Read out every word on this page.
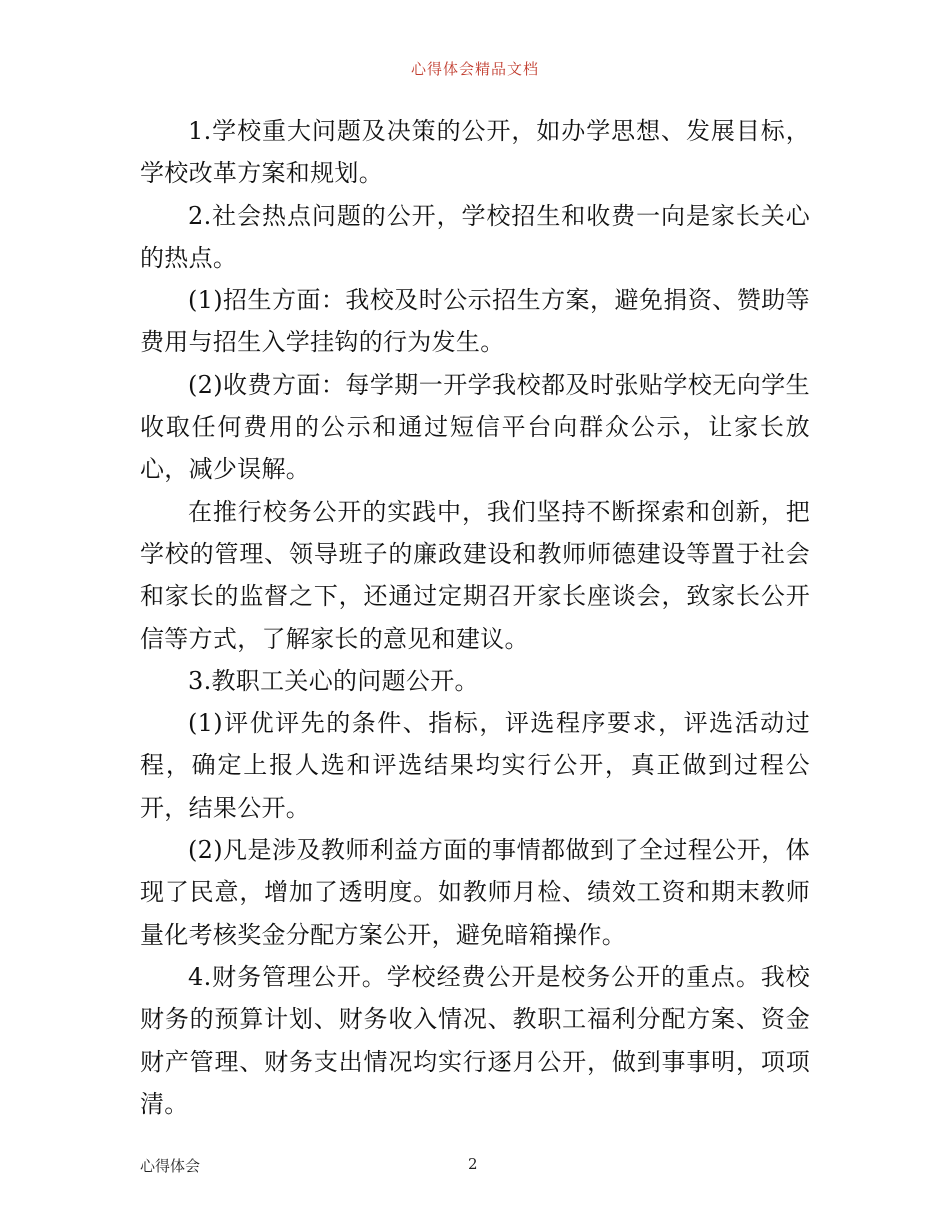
心得体会精品文档

1.学校重大问题及决策的公开，如办学思想、发展目标，学校改革方案和规划。

2.社会热点问题的公开，学校招生和收费一向是家长关心的热点。

(1)招生方面：我校及时公示招生方案，避免捐资、赞助等费用与招生入学挂钩的行为发生。

(2)收费方面：每学期一开学我校都及时张贴学校无向学生收取任何费用的公示和通过短信平台向群众公示，让家长放心，减少误解。

在推行校务公开的实践中，我们坚持不断探索和创新，把学校的管理、领导班子的廉政建设和教师师德建设等置于社会和家长的监督之下，还通过定期召开家长座谈会，致家长公开信等方式，了解家长的意见和建议。

3.教职工关心的问题公开。

(1)评优评先的条件、指标，评选程序要求，评选活动过程，确定上报人选和评选结果均实行公开，真正做到过程公开，结果公开。

(2)凡是涉及教师利益方面的事情都做到了全过程公开，体现了民意，增加了透明度。如教师月检、绩效工资和期末教师量化考核奖金分配方案公开，避免暗箱操作。

4.财务管理公开。学校经费公开是校务公开的重点。我校财务的预算计划、财务收入情况、教职工福利分配方案、资金财产管理、财务支出情况均实行逐月公开，做到事事明，项项清。

心得体会	2
